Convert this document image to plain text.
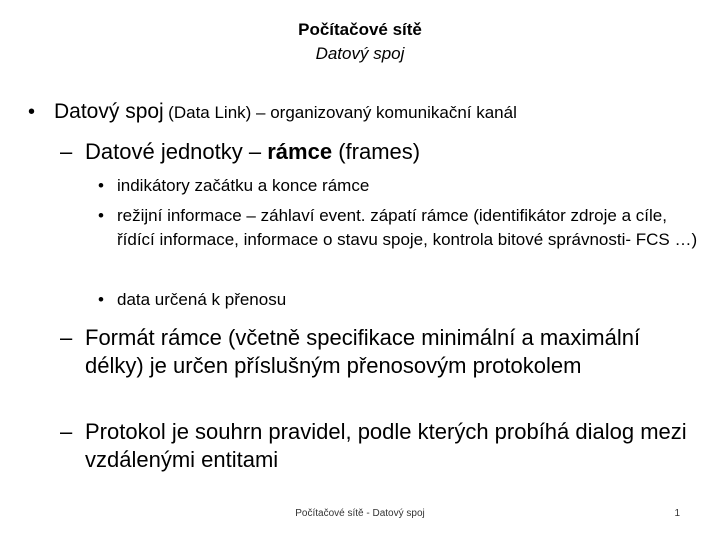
Počítačové sítě
Datový spoj
• Datový spoj (Data Link) – organizovaný komunikační kanál
– Datové jednotky – rámce (frames)
• indikátory začátku a konce rámce
• režijní informace – záhlaví event. zápatí rámce (identifikátor zdroje a cíle, řídící informace, informace o stavu spoje, kontrola bitové správnosti- FCS …)
• data určená k přenosu
– Formát rámce (včetně specifikace minimální a maximální délky) je určen příslušným přenosovým protokolem
– Protokol je souhrn pravidel, podle kterých probíhá dialog mezi vzdálenými entitami
Počítačové sítě - Datový spoj	1
